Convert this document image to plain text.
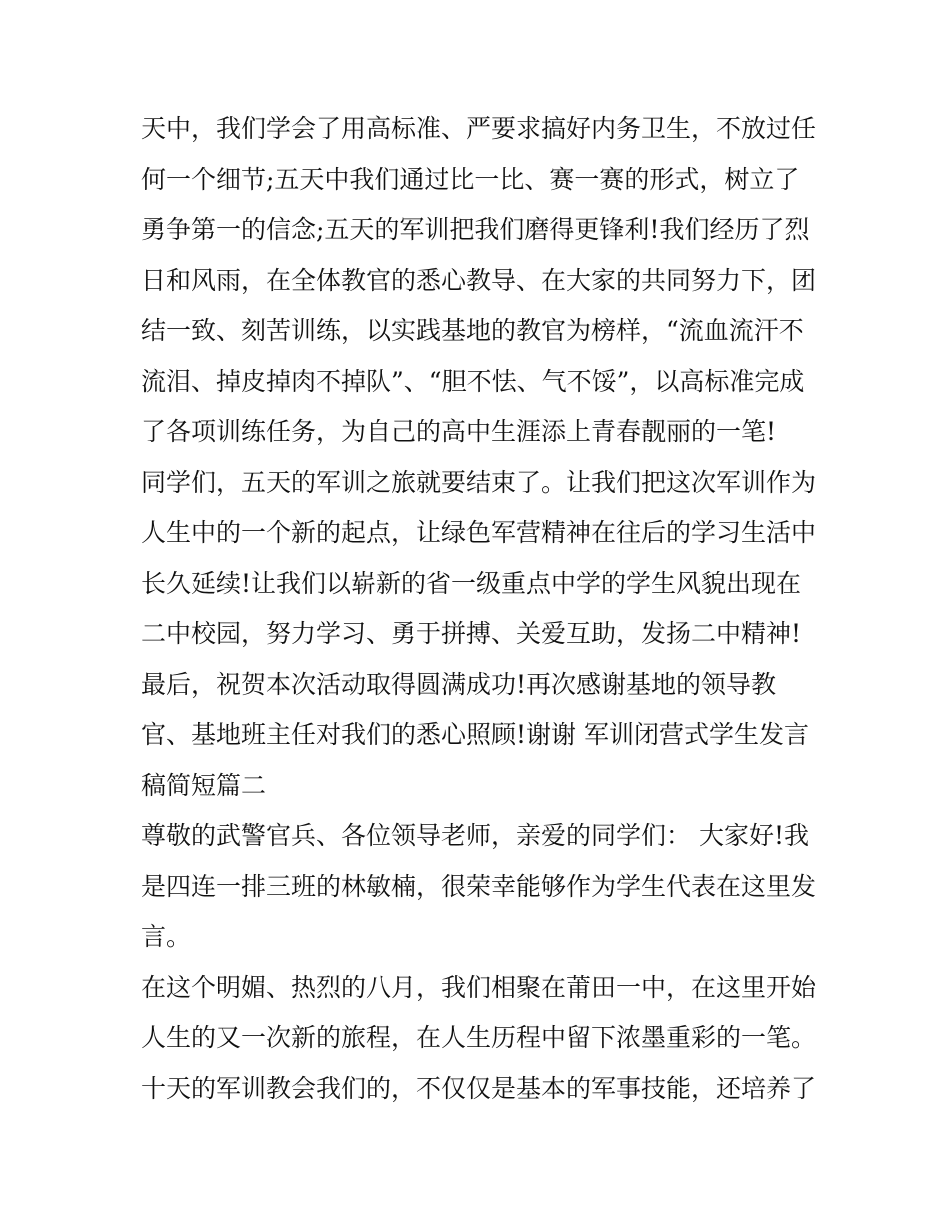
天中，我们学会了用高标准、严要求搞好内务卫生，不放过任

何一个细节;五天中我们通过比一比、赛一赛的形式，树立了

勇争第一的信念;五天的军训把我们磨得更锋利!我们经历了烈

日和风雨，在全体教官的悉心教导、在大家的共同努力下，团

结一致、刻苦训练，以实践基地的教官为榜样，“流血流汗不

流泪、掉皮掉肉不掉队”、“胆不怯、气不馁”，以高标准完成

了各项训练任务，为自己的高中生涯添上青春靓丽的一笔!

同学们，五天的军训之旅就要结束了。让我们把这次军训作为

人生中的一个新的起点，让绿色军营精神在往后的学习生活中

长久延续!让我们以崭新的省一级重点中学的学生风貌出现在

二中校园，努力学习、勇于拼搏、关爱互助，发扬二中精神!

最后，祝贺本次活动取得圆满成功!再次感谢基地的领导教

官、基地班主任对我们的悉心照顾!谢谢 军训闭营式学生发言

稿简短篇二

尊敬的武警官兵、各位领导老师，亲爱的同学们： 大家好!我

是四连一排三班的林敏楠，很荣幸能够作为学生代表在这里发

言。

在这个明媚、热烈的八月，我们相聚在莆田一中，在这里开始

人生的又一次新的旅程，在人生历程中留下浓墨重彩的一笔。

十天的军训教会我们的，不仅仅是基本的军事技能，还培养了
